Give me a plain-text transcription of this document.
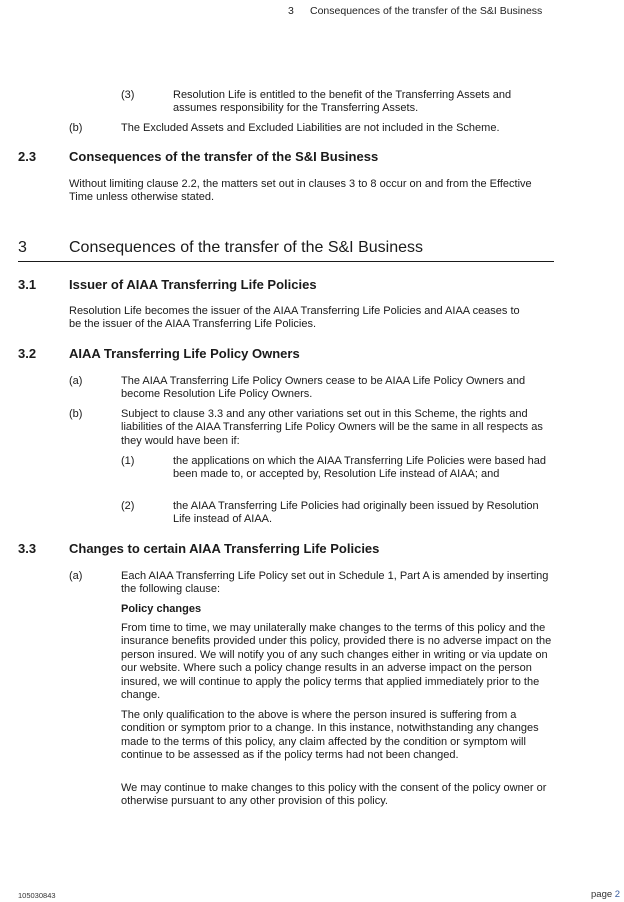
3 Consequences of the transfer of the S&I Business
(3)	Resolution Life is entitled to the benefit of the Transferring Assets and assumes responsibility for the Transferring Assets.
(b)	The Excluded Assets and Excluded Liabilities are not included in the Scheme.
2.3	Consequences of the transfer of the S&I Business
Without limiting clause 2.2, the matters set out in clauses 3 to 8 occur on and from the Effective Time unless otherwise stated.
3	Consequences of the transfer of the S&I Business
3.1	Issuer of AIAA Transferring Life Policies
Resolution Life becomes the issuer of the AIAA Transferring Life Policies and AIAA ceases to be the issuer of the AIAA Transferring Life Policies.
3.2	AIAA Transferring Life Policy Owners
(a)	The AIAA Transferring Life Policy Owners cease to be AIAA Life Policy Owners and become Resolution Life Policy Owners.
(b)	Subject to clause 3.3 and any other variations set out in this Scheme, the rights and liabilities of the AIAA Transferring Life Policy Owners will be the same in all respects as they would have been if:
(1)	the applications on which the AIAA Transferring Life Policies were based had been made to, or accepted by, Resolution Life instead of AIAA; and
(2)	the AIAA Transferring Life Policies had originally been issued by Resolution Life instead of AIAA.
3.3	Changes to certain AIAA Transferring Life Policies
(a)	Each AIAA Transferring Life Policy set out in Schedule 1, Part A is amended by inserting the following clause:
Policy changes
From time to time, we may unilaterally make changes to the terms of this policy and the insurance benefits provided under this policy, provided there is no adverse impact on the person insured. We will notify you of any such changes either in writing or via update on our website. Where such a policy change results in an adverse impact on the person insured, we will continue to apply the policy terms that applied immediately prior to the change.
The only qualification to the above is where the person insured is suffering from a condition or symptom prior to a change. In this instance, notwithstanding any changes made to the terms of this policy, any claim affected by the condition or symptom will continue to be assessed as if the policy terms had not been changed.
We may continue to make changes to this policy with the consent of the policy owner or otherwise pursuant to any other provision of this policy.
105030843	page 2
